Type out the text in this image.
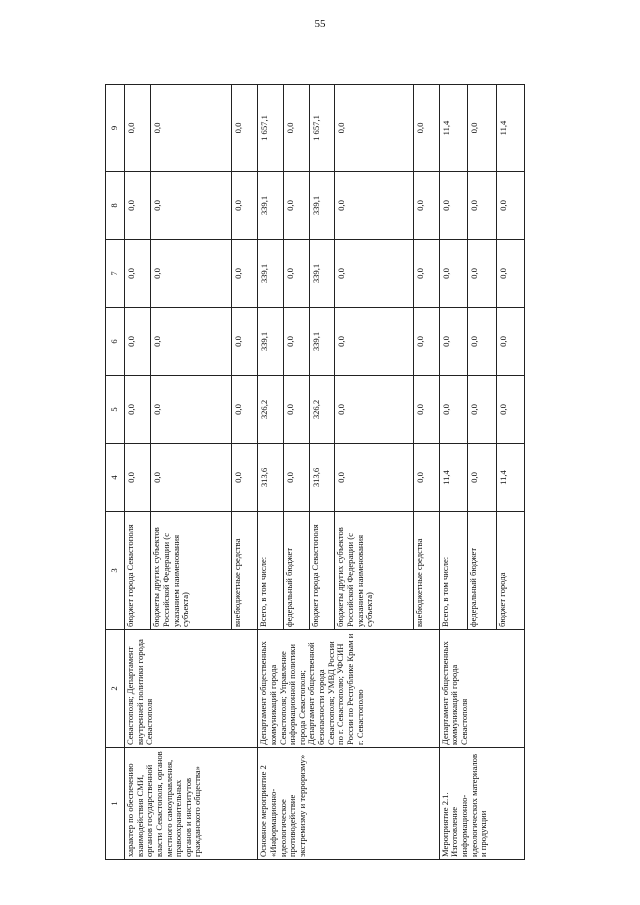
55
1	2	3	4	5	6	7	8	9
характер по обеспечению взаимодействия СМИ, органов государственной власти Севастополя, органов местного самоуправления, правоохранительных органов и институтов гражданского общества»	Севастополя; Департамент внутренней политики города Севастополя	бюджет города Севастополя	0,0	0,0	0,0	0,0	0,0	0,0
		бюджеты других субъектов Российской Федерации (с указанием наименования субъекта)	0,0	0,0	0,0	0,0	0,0	0,0
		внебюджетные средства	0,0	0,0	0,0	0,0	0,0	0,0
Основное мероприятие 2 «Информационно-идеологическое противодействие экстремизму и терроризму»	Департамент общественных коммуникаций города Севастополя; Управление информационной политики города Севастополя; Департамент общественной безопасности города Севастополя; УМВД России по г. Севастополю; УФСИН России по Республике Крым и г. Севастополю	Всего, в том числе:	313,6	326,2	339,1	339,1	339,1	1 657,1
		федеральный бюджет	0,0	0,0	0,0	0,0	0,0	0,0
		бюджет города Севастополя	313,6	326,2	339,1	339,1	339,1	1 657,1
		бюджеты других субъектов Российской Федерации (с указанием наименования субъекта)	0,0	0,0	0,0	0,0	0,0	0,0
		внебюджетные средства	0,0	0,0	0,0	0,0	0,0	0,0
Мероприятие 2.1. Изготовление информационно-идеологических материалов и продукции	Департамент общественных коммуникаций города Севастополя	Всего, в том числе:	11,4	0,0	0,0	0,0	0,0	11,4
		федеральный бюджет	0,0	0,0	0,0	0,0	0,0	0,0
		бюджет города	11,4	0,0	0,0	0,0	0,0	11,4
